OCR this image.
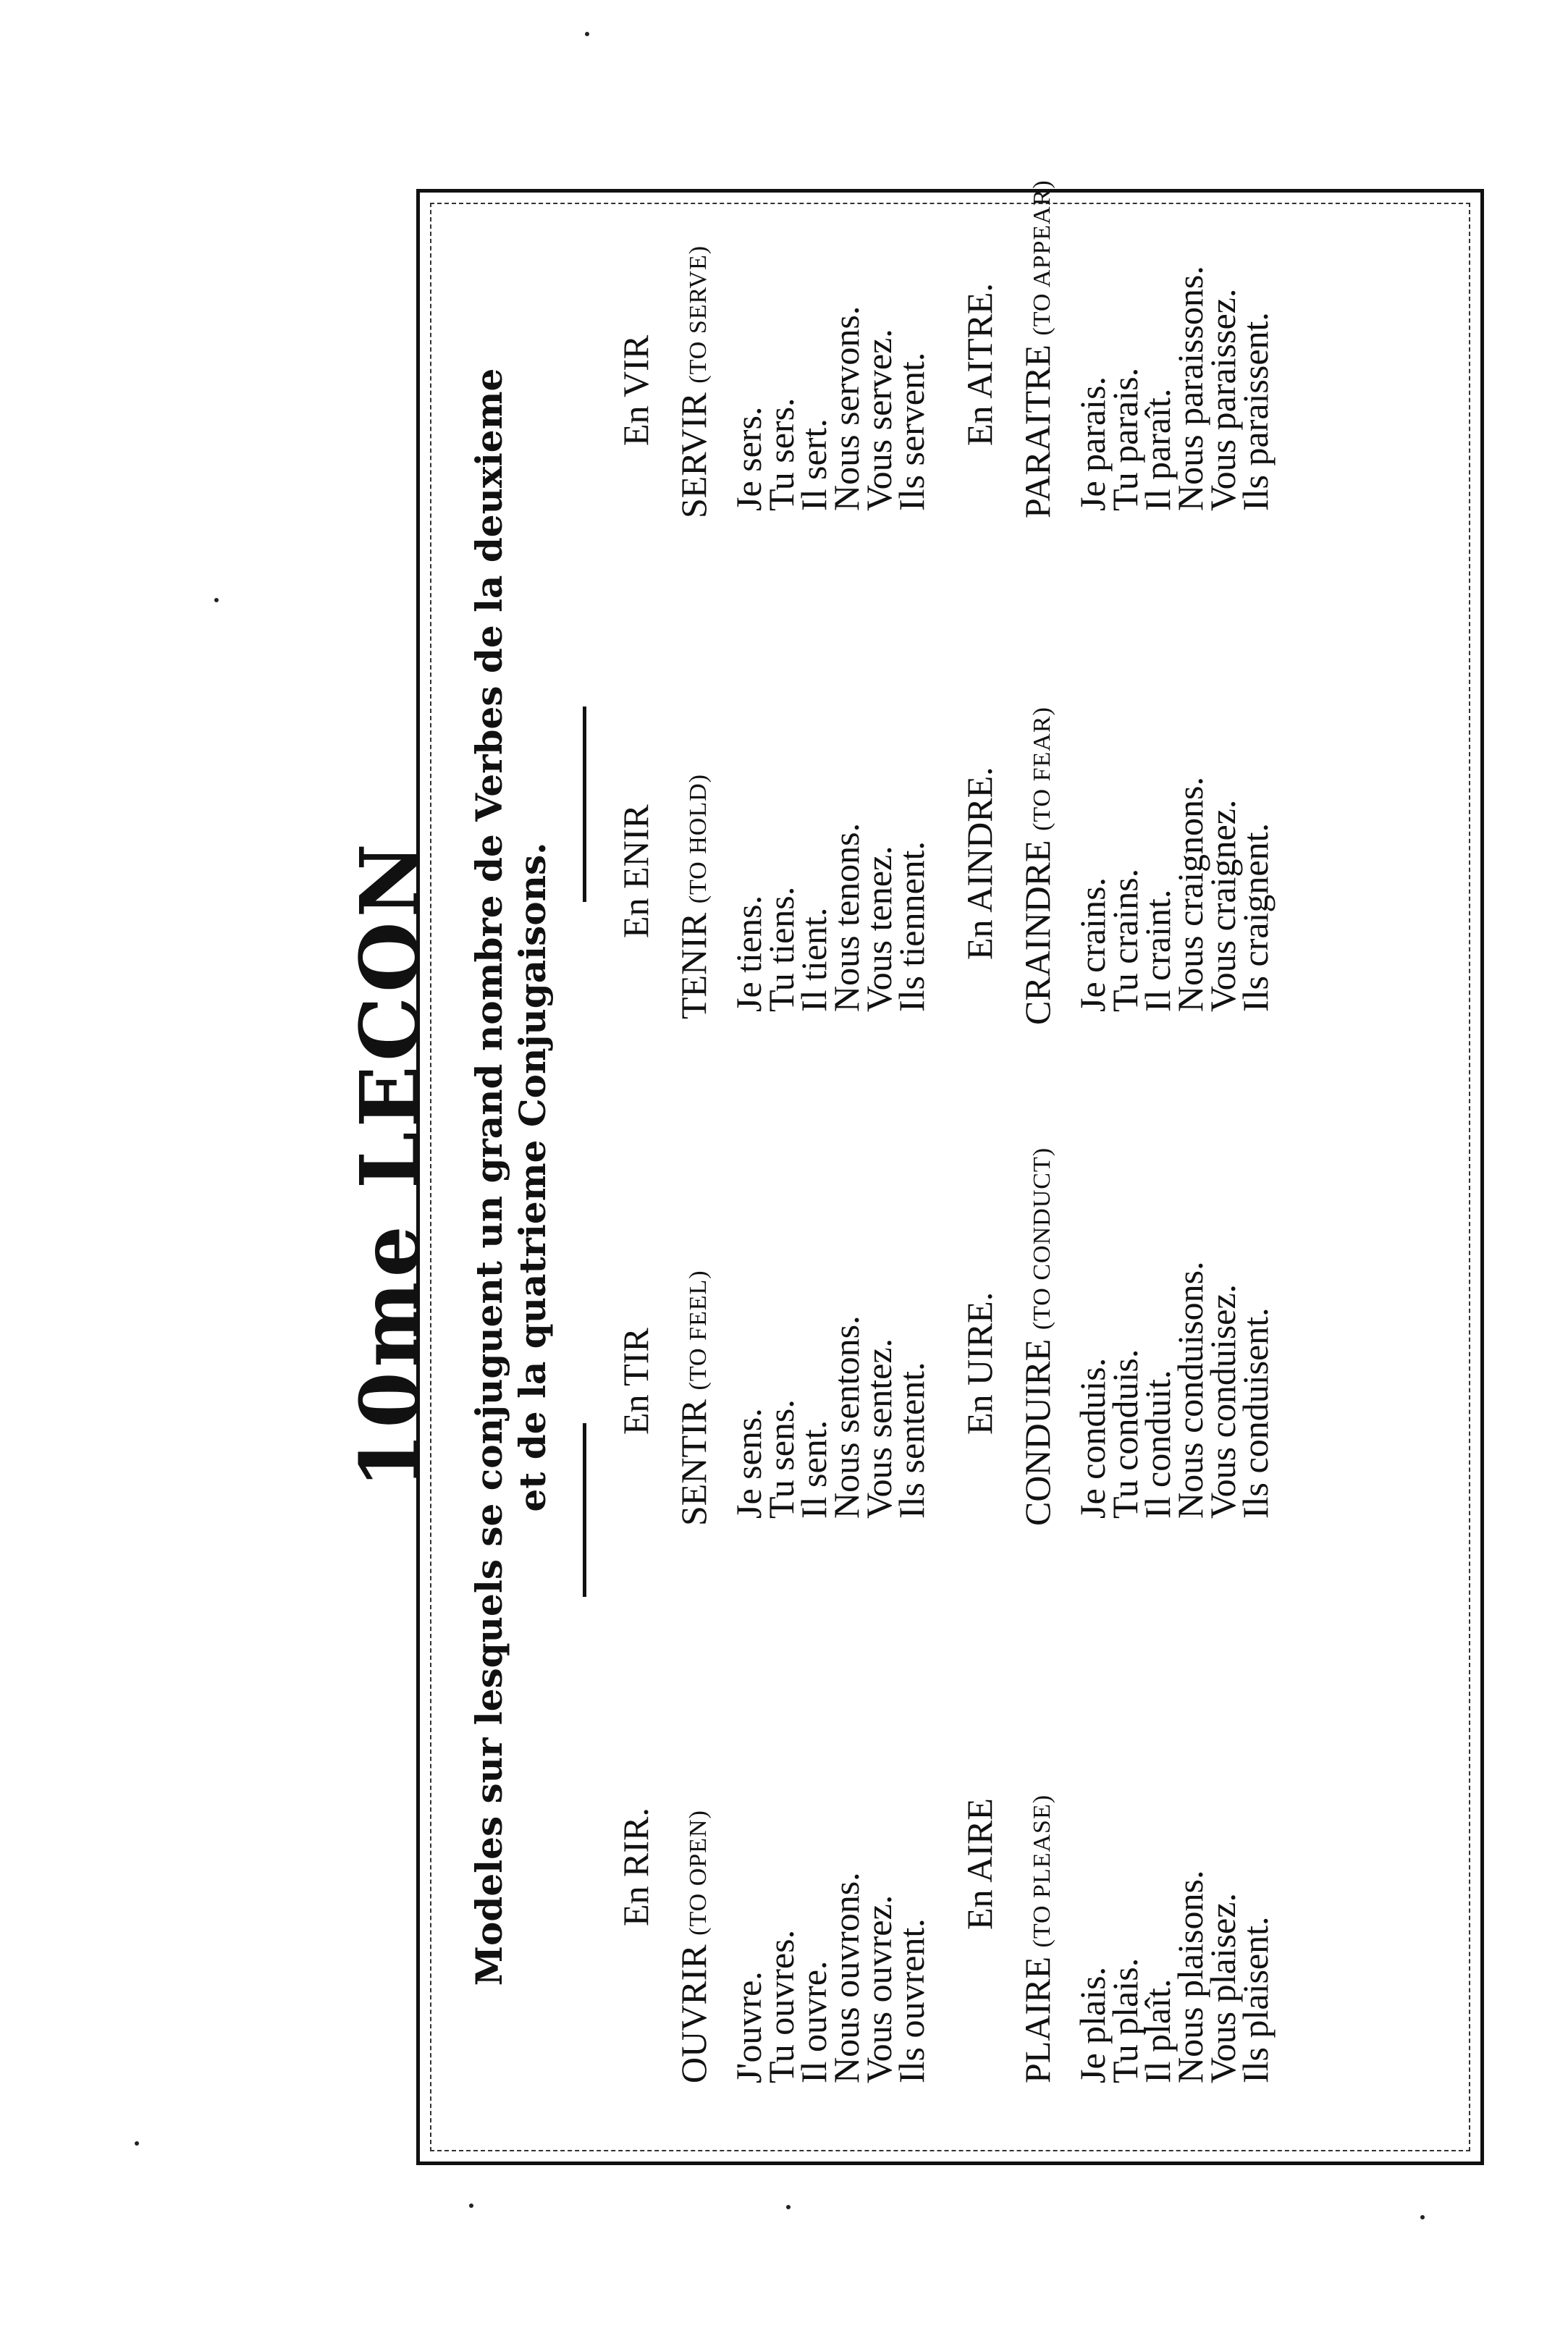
10me LECON Modeles sur lesquels se conjuguent un grand nombre de Verbes de la deuxieme et de la quatrieme Conjugaisons.
En RIR.
OUVRIR (TO OPEN)
J'ouvre.
Tu ouvres.
Il ouvre.
Nous ouvrons.
Vous ouvrez.
Ils ouvrent.
En TIR
SENTIR (TO FEEL)
Je sens.
Tu sens.
Il sent.
Nous sentons.
Vous sentez.
Ils sentent.
En ENIR
TENIR (TO HOLD)
Je tiens.
Tu tiens.
Il tient.
Nous tenons.
Vous tenez.
Ils tiennent.
En VIR
SERVIR (TO SERVE)
Je sers.
Tu sers.
Il sert.
Nous servons.
Vous servez.
Ils servent.
En AIRE
PLAIRE (TO PLEASE)
Je plais.
Tu plais.
Il plaît.
Nous plaisons.
Vous plaisez.
Ils plaisent.
En UIRE. CONDUIRE (TO CONDUCT)
Je conduis.
Tu conduis.
Il conduit.
Nous conduisons.
Vous conduisez.
Ils conduisent.
En AINDRE. CRAINDRE (TO FEAR)
Je crains.
Tu crains.
Il craint.
Nous craignons.
Vous craignez.
Ils craignent.
En AITRE. PARAITRE (TO APPEAR)
Je parais.
Tu parais.
Il paraît.
Nous paraissons.
Vous paraissez.
Ils paraissent.
